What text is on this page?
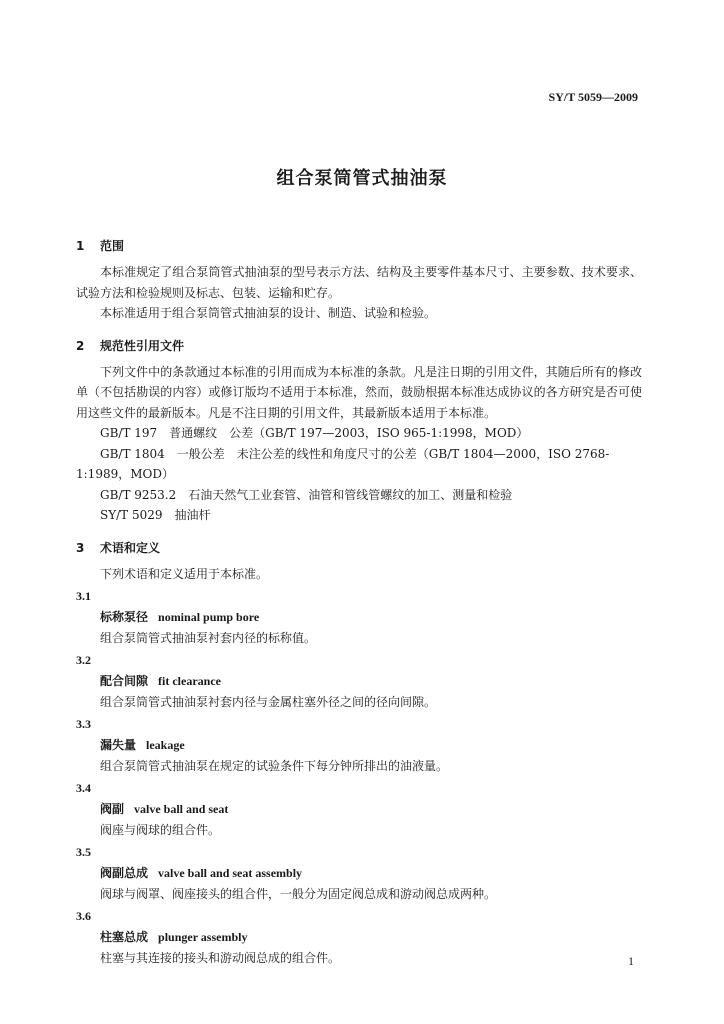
SY/T 5059—2009
组合泵筒管式抽油泵
1 范围

本标准规定了组合泵筒管式抽油泵的型号表示方法、结构及主要零件基本尺寸、主要参数、技术要求、试验方法和检验规则及标志、包装、运输和贮存。

本标准适用于组合泵筒管式抽油泵的设计、制造、试验和检验。

2 规范性引用文件

下列文件中的条款通过本标准的引用而成为本标准的条款。凡是注日期的引用文件，其随后所有的修改单（不包括勘误的内容）或修订版均不适用于本标准，然而，鼓励根据本标准达成协议的各方研究是否可使用这些文件的最新版本。凡是不注日期的引用文件，其最新版本适用于本标准。

GB/T 197　普通螺纹　公差（GB/T 197—2003，ISO 965-1:1998，MOD）
GB/T 1804　一般公差　未注公差的线性和角度尺寸的公差（GB/T 1804—2000，ISO 2768-
1:1989，MOD）
GB/T 9253.2　石油天然气工业套管、油管和管线管螺纹的加工、测量和检验
SY/T 5029　抽油杆
3 术语和定义
下列术语和定义适用于本标准。
3.1
标称泵径 nominal pump bore
组合泵筒管式抽油泵衬套内径的标称值。
3.2
配合间隙 fit clearance
组合泵筒管式抽油泵衬套内径与金属柱塞外径之间的径向间隙。
3.3
漏失量 leakage
组合泵筒管式抽油泵在规定的试验条件下每分钟所排出的油液量。
3.4
阀副 valve ball and seat
阀座与阀球的组合件。
3.5
阀副总成 valve ball and seat assembly
阀球与阀罩、阀座接头的组合件，一般分为固定阀总成和游动阀总成两种。
3.6
柱塞总成 plunger assembly
柱塞与其连接的接头和游动阀总成的组合件。	1
